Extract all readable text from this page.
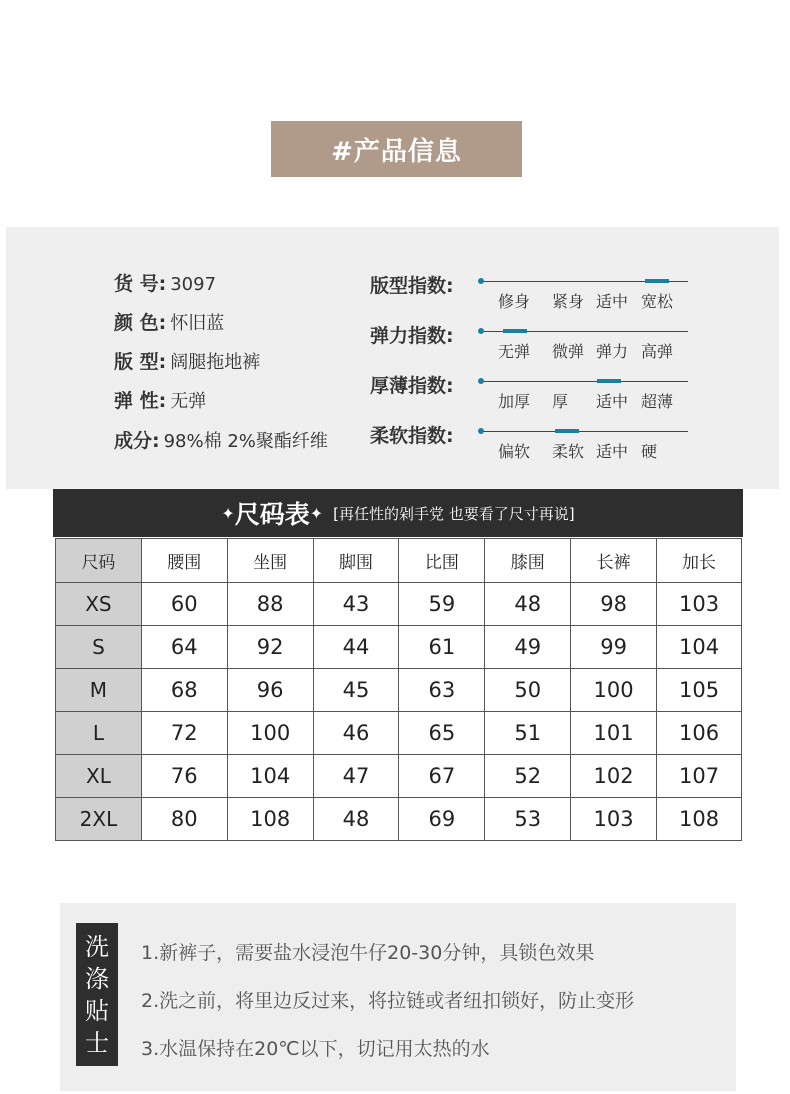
#产品信息
货 号: 3097
颜 色: 怀旧蓝
版 型: 阔腿拖地裤
弹 性: 无弹
成分: 98%棉 2%聚酯纤维
版型指数:
修身 紧身 适中 宽松
弹力指数:
无弹 微弹 弹力 高弹
厚薄指数:
加厚 厚 适中 超薄
柔软指数:
偏软 柔软 适中 硬
✦ 尺码表 ✦ [再任性的剁手党 也要看了尺寸再说]
尺码	腰围	坐围	脚围	比围	膝围	长裤	加长
XS	60	88	43	59	48	98	103
S	64	92	44	61	49	99	104
M	68	96	45	63	50	100	105
L	72	100	46	65	51	101	106
XL	76	104	47	67	52	102	107
2XL	80	108	48	69	53	103	108
洗
涤
贴
士
1.新裤子，需要盐水浸泡牛仔20-30分钟，具锁色效果
2.洗之前，将里边反过来，将拉链或者纽扣锁好，防止变形
3.水温保持在20℃以下，切记用太热的水
